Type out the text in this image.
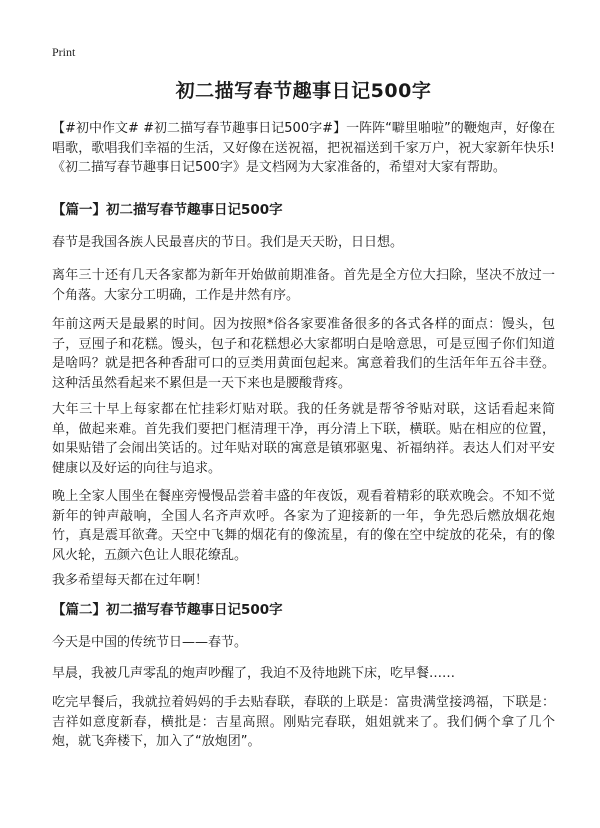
Print
初二描写春节趣事日记500字

【#初中作文# #初二描写春节趣事日记500字#】一阵阵“噼里啪啦”的鞭炮声，好像在唱歌，歌唱我们幸福的生活，又好像在送祝福，把祝福送到千家万户，祝大家新年快乐!《初二描写春节趣事日记500字》是文档网为大家准备的，希望对大家有帮助。

【篇一】初二描写春节趣事日记500字

春节是我国各族人民最喜庆的节日。我们是天天盼，日日想。

离年三十还有几天各家都为新年开始做前期准备。首先是全方位大扫除，坚决不放过一个角落。大家分工明确，工作是井然有序。

年前这两天是最累的时间。因为按照*俗各家要准备很多的各式各样的面点：馒头，包子，豆囤子和花糕。馒头，包子和花糕想必大家都明白是啥意思，可是豆囤子你们知道是啥吗？就是把各种香甜可口的豆类用黄面包起来。寓意着我们的生活年年五谷丰登。这种活虽然看起来不累但是一天下来也是腰酸背疼。

大年三十早上每家都在忙挂彩灯贴对联。我的任务就是帮爷爷贴对联，这话看起来简单，做起来难。首先我们要把门框清理干净，再分清上下联，横联。贴在相应的位置，如果贴错了会闹出笑话的。过年贴对联的寓意是镇邪驱鬼、祈福纳祥。表达人们对平安健康以及好运的向往与追求。

晚上全家人围坐在餐座旁慢慢品尝着丰盛的年夜饭，观看着精彩的联欢晚会。不知不觉新年的钟声敲响，全国人名齐声欢呼。各家为了迎接新的一年，争先恐后燃放烟花炮竹，真是震耳欲聋。天空中飞舞的烟花有的像流星，有的像在空中绽放的花朵，有的像风火轮，五颜六色让人眼花缭乱。

我多希望每天都在过年啊！

【篇二】初二描写春节趣事日记500字

今天是中国的传统节日——春节。

早晨，我被几声零乱的炮声吵醒了，我迫不及待地跳下床，吃早餐……

吃完早餐后，我就拉着妈妈的手去贴春联，春联的上联是：富贵满堂接鸿福，下联是：吉祥如意度新春，横批是：吉星高照。刚贴完春联，姐姐就来了。我们俩个拿了几个炮，就飞奔楼下，加入了“放炮团”。
